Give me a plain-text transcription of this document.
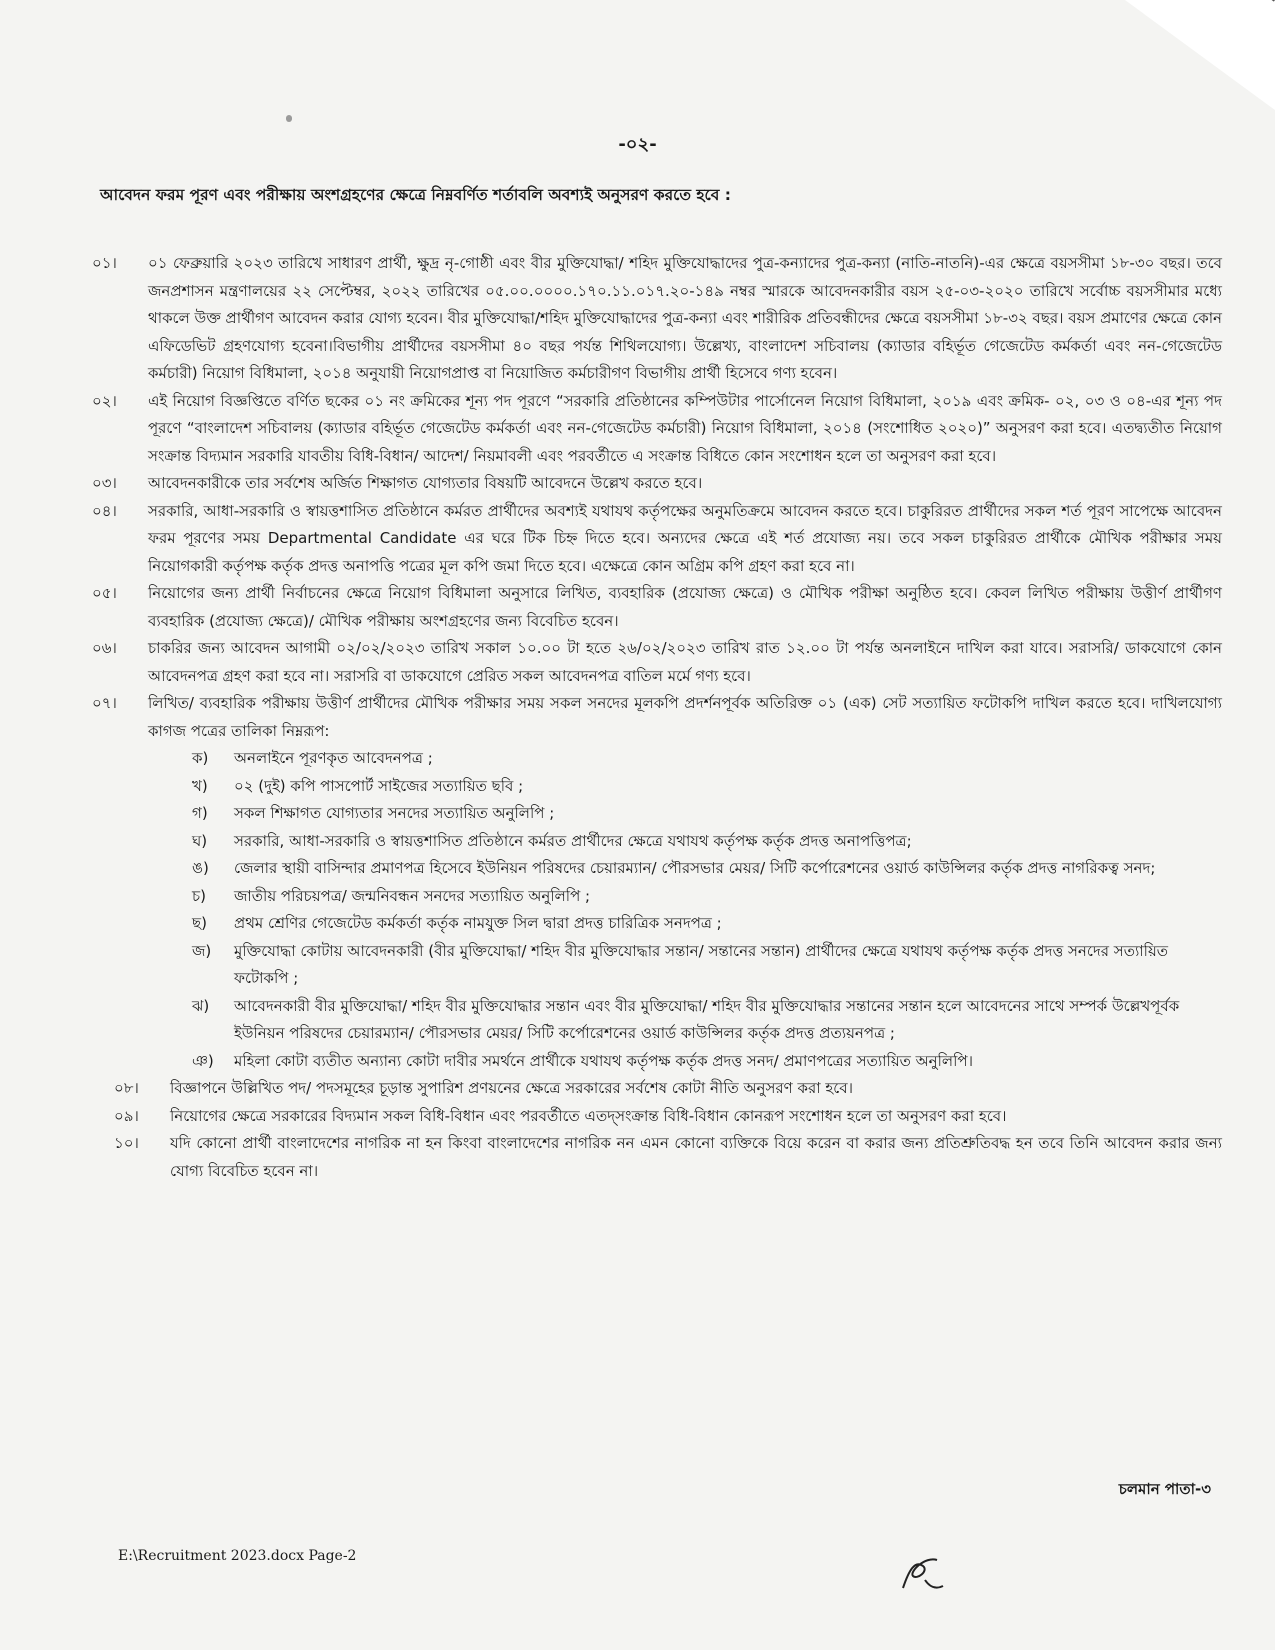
-০২-
আবেদন ফরম পূরণ এবং পরীক্ষায় অংশগ্রহণের ক্ষেত্রে নিম্নবর্ণিত শর্তাবলি অবশ্যই অনুসরণ করতে হবে :
০১।	০১ ফেব্রুয়ারি ২০২৩ তারিখে সাধারণ প্রার্থী, ক্ষুদ্র নৃ-গোষ্ঠী এবং বীর মুক্তিযোদ্ধা/ শহিদ মুক্তিযোদ্ধাদের পুত্র-কন্যাদের পুত্র-কন্যা (নাতি-নাতনি)-এর ক্ষেত্রে বয়সসীমা ১৮-৩০ বছর। তবে জনপ্রশাসন মন্ত্রণালয়ের ২২ সেপ্টেম্বর, ২০২২ তারিখের ০৫.০০.০০০০.১৭০.১১.০১৭.২০-১৪৯ নম্বর স্মারকে আবেদনকারীর বয়স ২৫-০৩-২০২০ তারিখে সর্বোচ্চ বয়সসীমার মধ্যে থাকলে উক্ত প্রার্থীগণ আবেদন করার যোগ্য হবেন। বীর মুক্তিযোদ্ধা/শহিদ মুক্তিযোদ্ধাদের পুত্র-কন্যা এবং শারীরিক প্রতিবন্ধীদের ক্ষেত্রে বয়সসীমা ১৮-৩২ বছর। বয়স প্রমাণের ক্ষেত্রে কোন এফিডেভিট গ্রহণযোগ্য হবেনা।বিভাগীয় প্রার্থীদের বয়সসীমা ৪০ বছর পর্যন্ত শিথিলযোগ্য। উল্লেখ্য, বাংলাদেশ সচিবালয় (ক্যাডার বহির্ভূত গেজেটেড কর্মকর্তা এবং নন-গেজেটেড কর্মচারী) নিয়োগ বিধিমালা, ২০১৪ অনুযায়ী নিয়োগপ্রাপ্ত বা নিয়োজিত কর্মচারীগণ বিভাগীয় প্রার্থী হিসেবে গণ্য হবেন।
০২।	এই নিয়োগ বিজ্ঞপ্তিতে বর্ণিত ছকের ০১ নং ক্রমিকের শূন্য পদ পূরণে “সরকারি প্রতিষ্ঠানের কম্পিউটার পার্সোনেল নিয়োগ বিধিমালা, ২০১৯ এবং ক্রমিক- ০২, ০৩ ও ০৪-এর শূন্য পদ পূরণে “বাংলাদেশ সচিবালয় (ক্যাডার বহির্ভূত গেজেটেড কর্মকর্তা এবং নন-গেজেটেড কর্মচারী) নিয়োগ বিধিমালা, ২০১৪ (সংশোধিত ২০২০)” অনুসরণ করা হবে। এতদ্ব্যতীত নিয়োগ সংক্রান্ত বিদ্যমান সরকারি যাবতীয় বিধি-বিধান/ আদেশ/ নিয়মাবলী এবং পরবর্তীতে এ সংক্রান্ত বিধিতে কোন সংশোধন হলে তা অনুসরণ করা হবে।
০৩।	আবেদনকারীকে তার সর্বশেষ অর্জিত শিক্ষাগত যোগ্যতার বিষয়টি আবেদনে উল্লেখ করতে হবে।
০৪।	সরকারি, আধা-সরকারি ও স্বায়ত্তশাসিত প্রতিষ্ঠানে কর্মরত প্রার্থীদের অবশ্যই যথাযথ কর্তৃপক্ষের অনুমতিক্রমে আবেদন করতে হবে। চাকুরিরত প্রার্থীদের সকল শর্ত পূরণ সাপেক্ষে আবেদন ফরম পূরণের সময় Departmental Candidate এর ঘরে টিক চিহ্ন দিতে হবে। অন্যদের ক্ষেত্রে এই শর্ত প্রযোজ্য নয়। তবে সকল চাকুরিরত প্রার্থীকে মৌখিক পরীক্ষার সময় নিয়োগকারী কর্তৃপক্ষ কর্তৃক প্রদত্ত অনাপত্তি পত্রের মূল কপি জমা দিতে হবে। এক্ষেত্রে কোন অগ্রিম কপি গ্রহণ করা হবে না।
০৫।	নিয়োগের জন্য প্রার্থী নির্বাচনের ক্ষেত্রে নিয়োগ বিধিমালা অনুসারে লিখিত, ব্যবহারিক (প্রযোজ্য ক্ষেত্রে) ও মৌখিক পরীক্ষা অনুষ্ঠিত হবে। কেবল লিখিত পরীক্ষায় উত্তীর্ণ প্রার্থীগণ ব্যবহারিক (প্রযোজ্য ক্ষেত্রে)/ মৌখিক পরীক্ষায় অংশগ্রহণের জন্য বিবেচিত হবেন।
০৬।	চাকরির জন্য আবেদন আগামী ০২/০২/২০২৩ তারিখ সকাল ১০.০০ টা হতে ২৬/০২/২০২৩ তারিখ রাত ১২.০০ টা পর্যন্ত অনলাইনে দাখিল করা যাবে। সরাসরি/ ডাকযোগে কোন আবেদনপত্র গ্রহণ করা হবে না। সরাসরি বা ডাকযোগে প্রেরিত সকল আবেদনপত্র বাতিল মর্মে গণ্য হবে।
০৭।	লিখিত/ ব্যবহারিক পরীক্ষায় উত্তীর্ণ প্রার্থীদের মৌখিক পরীক্ষার সময় সকল সনদের মূলকপি প্রদর্শনপূর্বক অতিরিক্ত ০১ (এক) সেট সত্যায়িত ফটোকপি দাখিল করতে হবে। দাখিলযোগ্য কাগজ পত্রের তালিকা নিম্নরূপ:
ক)	অনলাইনে পূরণকৃত আবেদনপত্র ;
খ)	০২ (দুই) কপি পাসপোর্ট সাইজের সত্যায়িত ছবি ;
গ)	সকল শিক্ষাগত যোগ্যতার সনদের সত্যায়িত অনুলিপি ;
ঘ)	সরকারি, আধা-সরকারি ও স্বায়ত্তশাসিত প্রতিষ্ঠানে কর্মরত প্রার্থীদের ক্ষেত্রে যথাযথ কর্তৃপক্ষ কর্তৃক প্রদত্ত অনাপত্তিপত্র;
ঙ)	জেলার স্থায়ী বাসিন্দার প্রমাণপত্র হিসেবে ইউনিয়ন পরিষদের চেয়ারম্যান/ পৌরসভার মেয়র/ সিটি কর্পোরেশনের ওয়ার্ড কাউন্সিলর কর্তৃক প্রদত্ত নাগরিকত্ব সনদ;
চ)	জাতীয় পরিচয়পত্র/ জন্মনিবন্ধন সনদের সত্যায়িত অনুলিপি ;
ছ)	প্রথম শ্রেণির গেজেটেড কর্মকর্তা কর্তৃক নামযুক্ত সিল দ্বারা প্রদত্ত চারিত্রিক সনদপত্র ;
জ)	মুক্তিযোদ্ধা কোটায় আবেদনকারী (বীর মুক্তিযোদ্ধা/ শহিদ বীর মুক্তিযোদ্ধার সন্তান/ সন্তানের সন্তান) প্রার্থীদের ক্ষেত্রে যথাযথ কর্তৃপক্ষ কর্তৃক প্রদত্ত সনদের সত্যায়িত ফটোকপি ;
ঝ)	আবেদনকারী বীর মুক্তিযোদ্ধা/ শহিদ বীর মুক্তিযোদ্ধার সন্তান এবং বীর মুক্তিযোদ্ধা/ শহিদ বীর মুক্তিযোদ্ধার সন্তানের সন্তান হলে আবেদনের সাথে সম্পর্ক উল্লেখপূর্বক ইউনিয়ন পরিষদের চেয়ারম্যান/ পৌরসভার মেয়র/ সিটি কর্পোরেশনের ওয়ার্ড কাউন্সিলর কর্তৃক প্রদত্ত প্রত্যয়নপত্র ;
ঞ)	মহিলা কোটা ব্যতীত অন্যান্য কোটা দাবীর সমর্থনে প্রার্থীকে যথাযথ কর্তৃপক্ষ কর্তৃক প্রদত্ত সনদ/ প্রমাণপত্রের সত্যায়িত অনুলিপি।
০৮।	বিজ্ঞাপনে উল্লিখিত পদ/ পদসমূহের চূড়ান্ত সুপারিশ প্রণয়নের ক্ষেত্রে সরকারের সর্বশেষ কোটা নীতি অনুসরণ করা হবে।
০৯।	নিয়োগের ক্ষেত্রে সরকারের বিদ্যমান সকল বিধি-বিধান এবং পরবর্তীতে এতদ্সংক্রান্ত বিধি-বিধান কোনরূপ সংশোধন হলে তা অনুসরণ করা হবে।
১০।	যদি কোনো প্রার্থী বাংলাদেশের নাগরিক না হন কিংবা বাংলাদেশের নাগরিক নন এমন কোনো ব্যক্তিকে বিয়ে করেন বা করার জন্য প্রতিশ্রুতিবদ্ধ হন তবে তিনি আবেদন করার জন্য যোগ্য বিবেচিত হবেন না।
চলমান পাতা-৩
E:\Recruitment 2023.docx Page-2
